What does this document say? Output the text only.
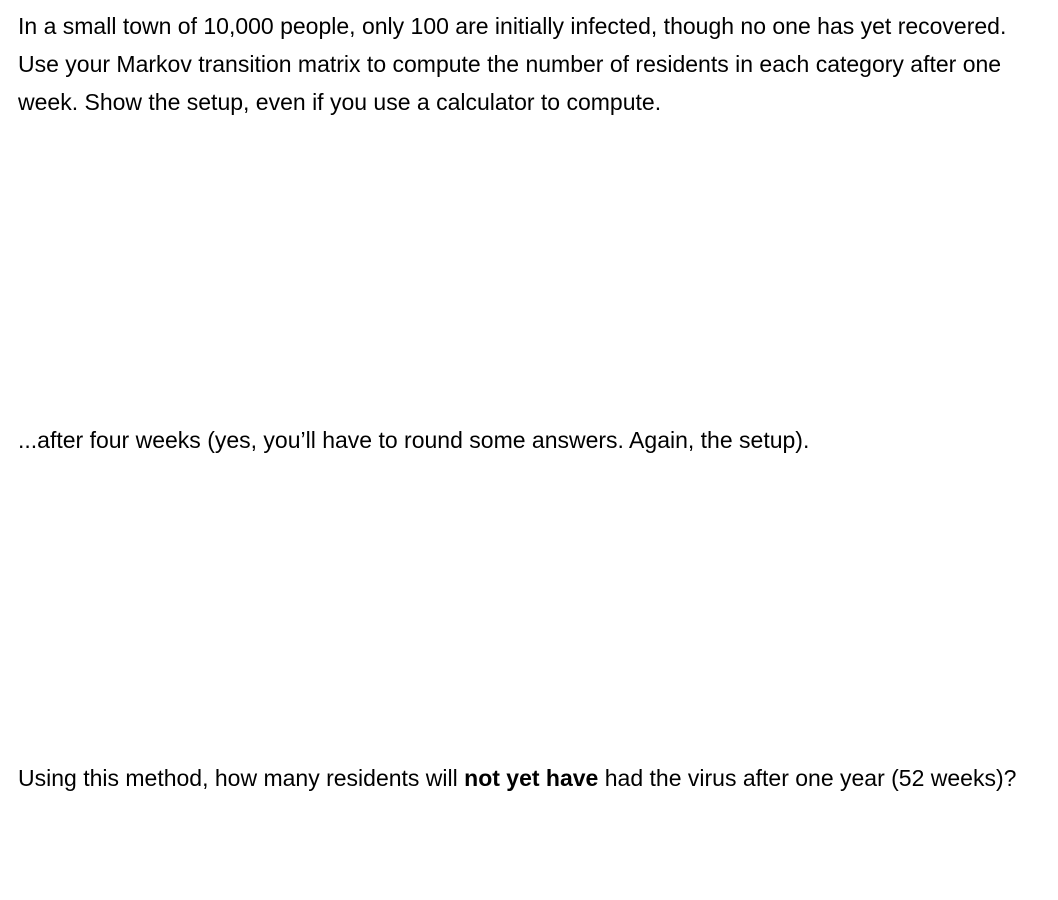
In a small town of 10,000 people, only 100 are initially infected, though no one has yet recovered. Use your Markov transition matrix to compute the number of residents in each category after one week. Show the setup, even if you use a calculator to compute.

...after four weeks (yes, you’ll have to round some answers. Again, the setup).

Using this method, how many residents will not yet have had the virus after one year (52 weeks)?
